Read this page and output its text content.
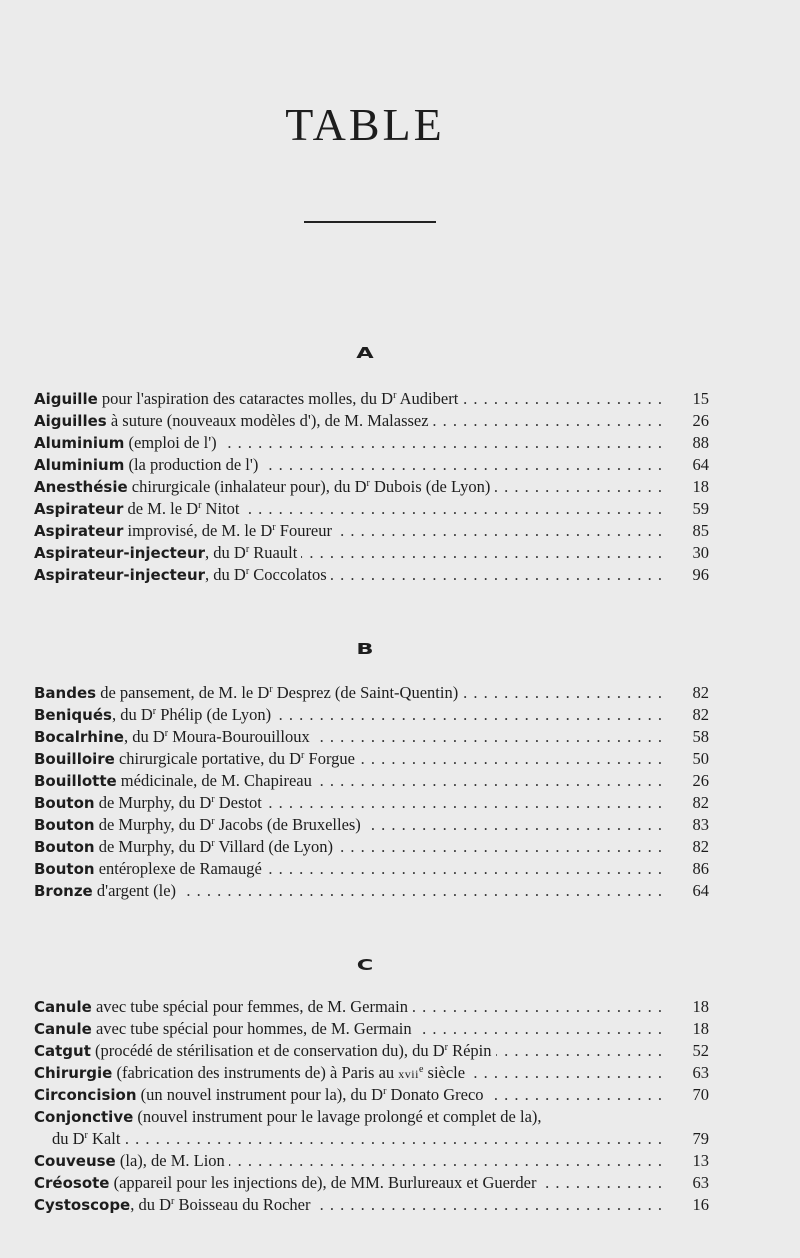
TABLE
A
. . . Aiguille pour l'aspiration des cataractes molles, du $D^r$ Audibert	15
. . . Aiguilles à suture (nouveaux modèles d'), de M. Malassez	26
. . . Aluminium (emploi de l')	88
. . . Aluminium (la production de l')	64
. . . Anesthésie chirurgicale (inhalateur pour), du $D^r$ Dubois (de Lyon)	18
. . . Aspirateur de M. le $D^r$ Nitot	59
. . . Aspirateur improvisé, de M. le $D^r$ Foureur	85
. . . Aspirateur-injecteur, du $D^r$ Ruault	30
. . . Aspirateur-injecteur, du $D^r$ Coccolatos	96
B
. . . Bandes de pansement, de M. le $D^r$ Desprez (de Saint-Quentin)	82
. . . Beniqués, du $D^r$ Phélip (de Lyon)	82
. . . Bocalrhine, du $D^r$ Moura-Bourouilloux	58
. . . Bouilloire chirurgicale portative, du $D^r$ Forgue	50
. . . Bouillotte médicinale, de M. Chapireau	26
. . . Bouton de Murphy, du $D^r$ Destot	82
. . . Bouton de Murphy, du $D^r$ Jacobs (de Bruxelles)	83
. . . Bouton de Murphy, du $D^r$ Villard (de Lyon)	82
. . . Bouton entéroplexe de Ramaugé	86
. . . Bronze d'argent (le)	64
C
. . . Canule avec tube spécial pour femmes, de M. Germain	18
. . . Canule avec tube spécial pour hommes, de M. Germain	18
. . . Catgut (procédé de stérilisation et de conservation du), du $D^r$ Répin	52
. . . Chirurgie (fabrication des instruments de) à Paris au xvii$^e$ siècle	63
. . . Circoncision (un nouvel instrument pour la), du $D^r$ Donato Greco	70
Conjonctive (nouvel instrument pour le lavage prolongé et complet de la),
. . . du $D^r$ Kalt	79
. . . Couveuse (la), de M. Lion	13
. . . Créosote (appareil pour les injections de), de MM. Burlureaux et Guerder	63
. . . Cystoscope, du $D^r$ Boisseau du Rocher	16
